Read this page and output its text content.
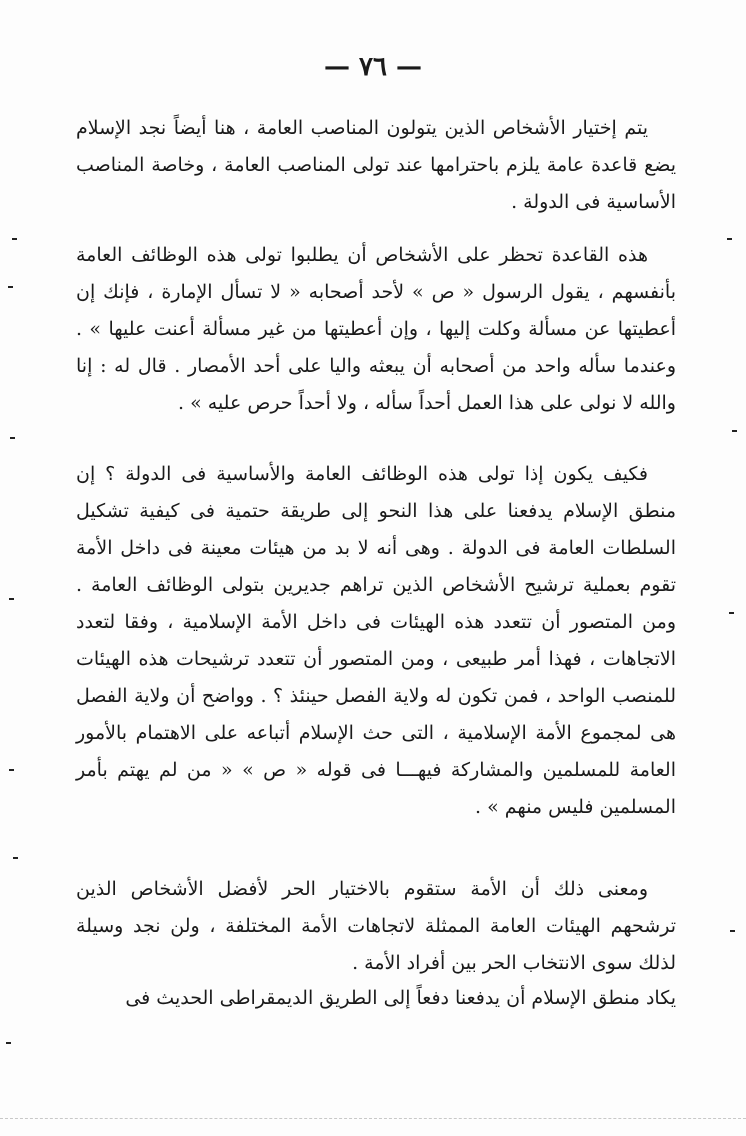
— ٧٦ —

يتم إختيار الأشخاص الذين يتولون المناصب العامة ، هنا أيضاً نجد الإسلام يضع قاعدة عامة يلزم باحترامها عند تولى المناصب العامة ، وخاصة المناصب الأساسية فى الدولة .

هذه القاعدة تحظر على الأشخاص أن يطلبوا تولى هذه الوظائف العامة بأنفسهم ، يقول الرسول « ص » لأحد أصحابه « لا تسأل الإمارة ، فإنك إن أعطيتها عن مسألة وكلت إليها ، وإن أعطيتها من غير مسألة أعنت عليها » . وعندما سأله واحد من أصحابه أن يبعثه واليا على أحد الأمصار . قال له : إنا والله لا نولى على هذا العمل أحداً سأله ، ولا أحداً حرص عليه » .

فكيف يكون إذا تولى هذه الوظائف العامة والأساسية فى الدولة ؟ إن منطق الإسلام يدفعنا على هذا النحو إلى طريقة حتمية فى كيفية تشكيل السلطات العامة فى الدولة . وهى أنه لا بد من هيئات معينة فى داخل الأمة تقوم بعملية ترشيح الأشخاص الذين تراهم جديرين بتولى الوظائف العامة . ومن المتصور أن تتعدد هذه الهيئات فى داخل الأمة الإسلامية ، وفقا لتعدد الاتجاهات ، فهذا أمر طبيعى ، ومن المتصور أن تتعدد ترشيحات هذه الهيئات للمنصب الواحد ، فمن تكون له ولاية الفصل حينئذ ؟ . وواضح أن ولاية الفصل هى لمجموع الأمة الإسلامية ، التى حث الإسلام أتباعه على الاهتمام بالأمور العامة للمسلمين والمشاركة فيهـــا فى قوله « ص » « من لم يهتم بأمر المسلمين فليس منهم » .

ومعنى ذلك أن الأمة ستقوم بالاختيار الحر لأفضل الأشخاص الذين ترشحهم الهيئات العامة الممثلة لاتجاهات الأمة المختلفة ، ولن نجد وسيلة لذلك سوى الانتخاب الحر بين أفراد الأمة .

يكاد منطق الإسلام أن يدفعنا دفعاً إلى الطريق الديمقراطى الحديث فى
